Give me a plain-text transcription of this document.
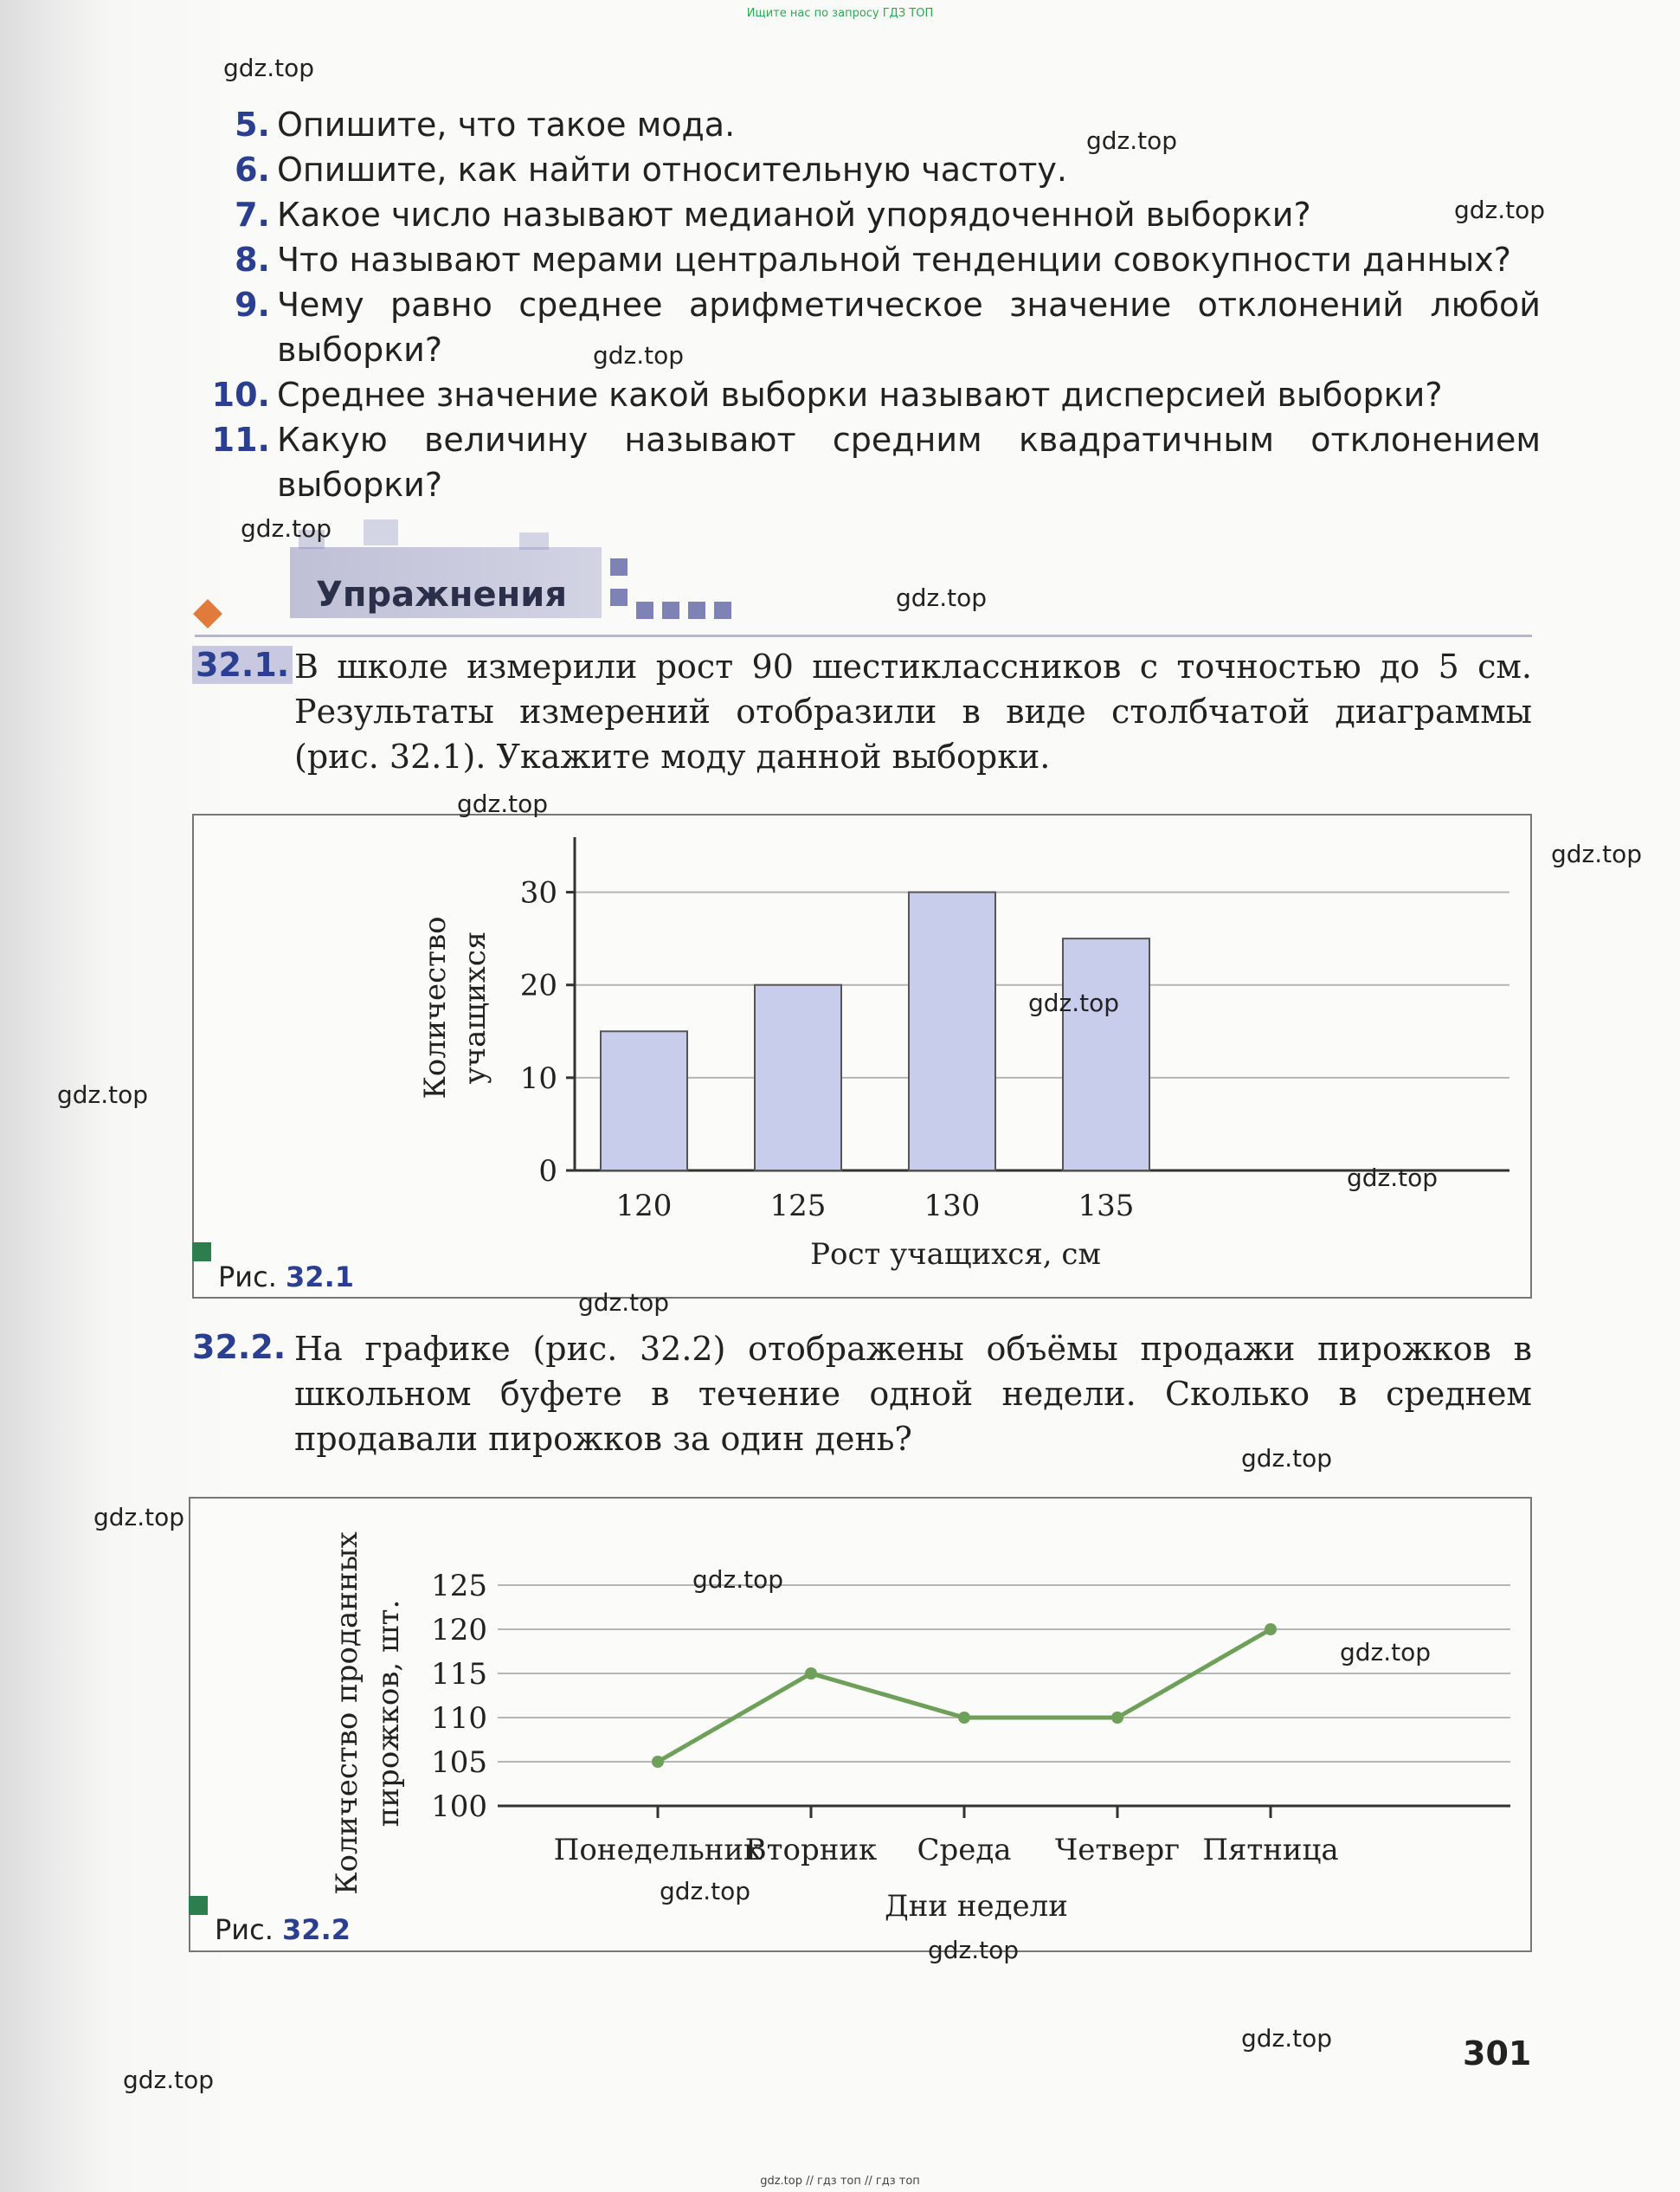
Ищите нас по запросу ГДЗ ТОП
5. Опишите, что такое мода.
6. Опишите, как найти относительную частоту.
7. Какое число называют медианой упорядоченной выборки?
8. Что называют мерами центральной тенденции совокупности данных?
9. Чему равно среднее арифметическое значение отклонений любой выборки?
10. Среднее значение какой выборки называют дисперсией выборки?
11. Какую величину называют средним квадратичным отклонением выборки?
Упражнения
32.1. В школе измерили рост 90 шестиклассников с точностью до 5 см. Результаты измерений отобразили в виде столбчатой диаграммы (рис. 32.1). Укажите моду данной выборки.
0
10
20
30
120	125	130	135
Рост учащихся, см
Количество учащихся
Рис. 32.1
32.2. На графике (рис. 32.2) отображены объёмы продажи пирожков в школьном буфете в течение одной недели. Сколько в среднем продавали пирожков за один день?
100
105
110
115
120
125
Понедельник
Вторник Среда Четверг Пятница
Дни недели
Количество проданных пирожков, шт.
Рис. 32.2
301
gdz.top
gdz.top
gdz.top
gdz.top
gdz.top
gdz.top
gdz.top
gdz.top
gdz.top
gdz.top
gdz.top
gdz.top
gdz.top
gdz.top
gdz.top
gdz.top
gdz.top
gdz.top
gdz.top
gdz.top
gdz.top // гдз топ // гдз топ
